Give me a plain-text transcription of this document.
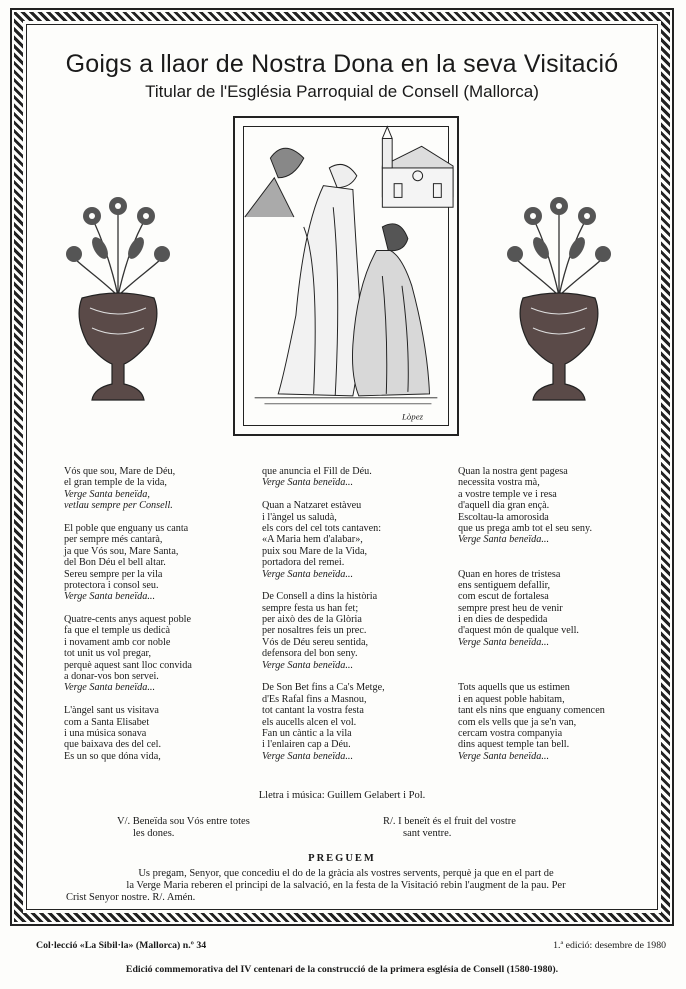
Goigs a llaor de Nostra Dona en la seva Visitació
Titular de l'Església Parroquial de Consell (Mallorca)
Lòpez
Vós que sou, Mare de Déu,
el gran temple de la vida,
Verge Santa beneïda,
vetlau sempre per Consell.
El poble que enguany us canta
per sempre més cantarà,
ja que Vós sou, Mare Santa,
del Bon Déu el bell altar.
Sereu sempre per la vila
protectora i consol seu.
Verge Santa beneïda...
Quatre-cents anys aquest poble
fa que el temple us dedicà
i novament amb cor noble
tot unit us vol pregar,
perquè aquest sant lloc convida
a donar-vos bon servei.
Verge Santa beneïda...
L'àngel sant us visitava
com a Santa Elisabet
i una música sonava
que baixava des del cel.
Es un so que dóna vida,
que anuncia el Fill de Déu.
Verge Santa beneïda...
Quan a Natzaret estàveu
i l'àngel us saludà,
els cors del cel tots cantaven:
«A Maria hem d'alabar»,
puix sou Mare de la Vida,
portadora del remei.
Verge Santa beneïda...
De Consell a dins la història
sempre festa us han fet;
per això des de la Glòria
per nosaltres feis un prec.
Vós de Déu sereu sentida,
defensora del bon seny.
Verge Santa beneïda...
De Son Bet fins a Ca's Metge,
d'Es Rafal fins a Masnou,
tot cantant la vostra festa
els aucells alcen el vol.
Fan un càntic a la vila
i l'enlairen cap a Déu.
Verge Santa beneïda...
Quan la nostra gent pagesa
necessita vostra mà,
a vostre temple ve i resa
d'aquell dia gran ençà.
Escoltau-la amorosida
que us prega amb tot el seu seny.
Verge Santa beneïda...
Quan en hores de tristesa
ens sentiguem defallir,
com escut de fortalesa
sempre prest heu de venir
i en dies de despedida
d'aquest món de qualque vell.
Verge Santa beneïda...
Tots aquells que us estimen
i en aquest poble habitam,
tant els nins que enguany comencen
com els vells que ja se'n van,
cercam vostra companyia
dins aquest temple tan bell.
Verge Santa beneïda...
Lletra i música: Guillem Gelabert i Pol.
V/. Beneïda sou Vós entre totes
les dones.
R/. I beneït és el fruit del vostre
sant ventre.
PREGUEM
Us pregam, Senyor, que concediu el do de la gràcia als vostres servents, perquè ja que en el part de
la Verge Maria reberen el principi de la salvació, en la festa de la Visitació rebin l'augment de la pau. Per
Crist Senyor nostre. R/. Amén.
Col·lecció «La Sibil·la» (Mallorca) n.º 34	1.ª edició: desembre de 1980
Edició commemorativa del IV centenari de la construcció de la primera església de Consell (1580-1980).
